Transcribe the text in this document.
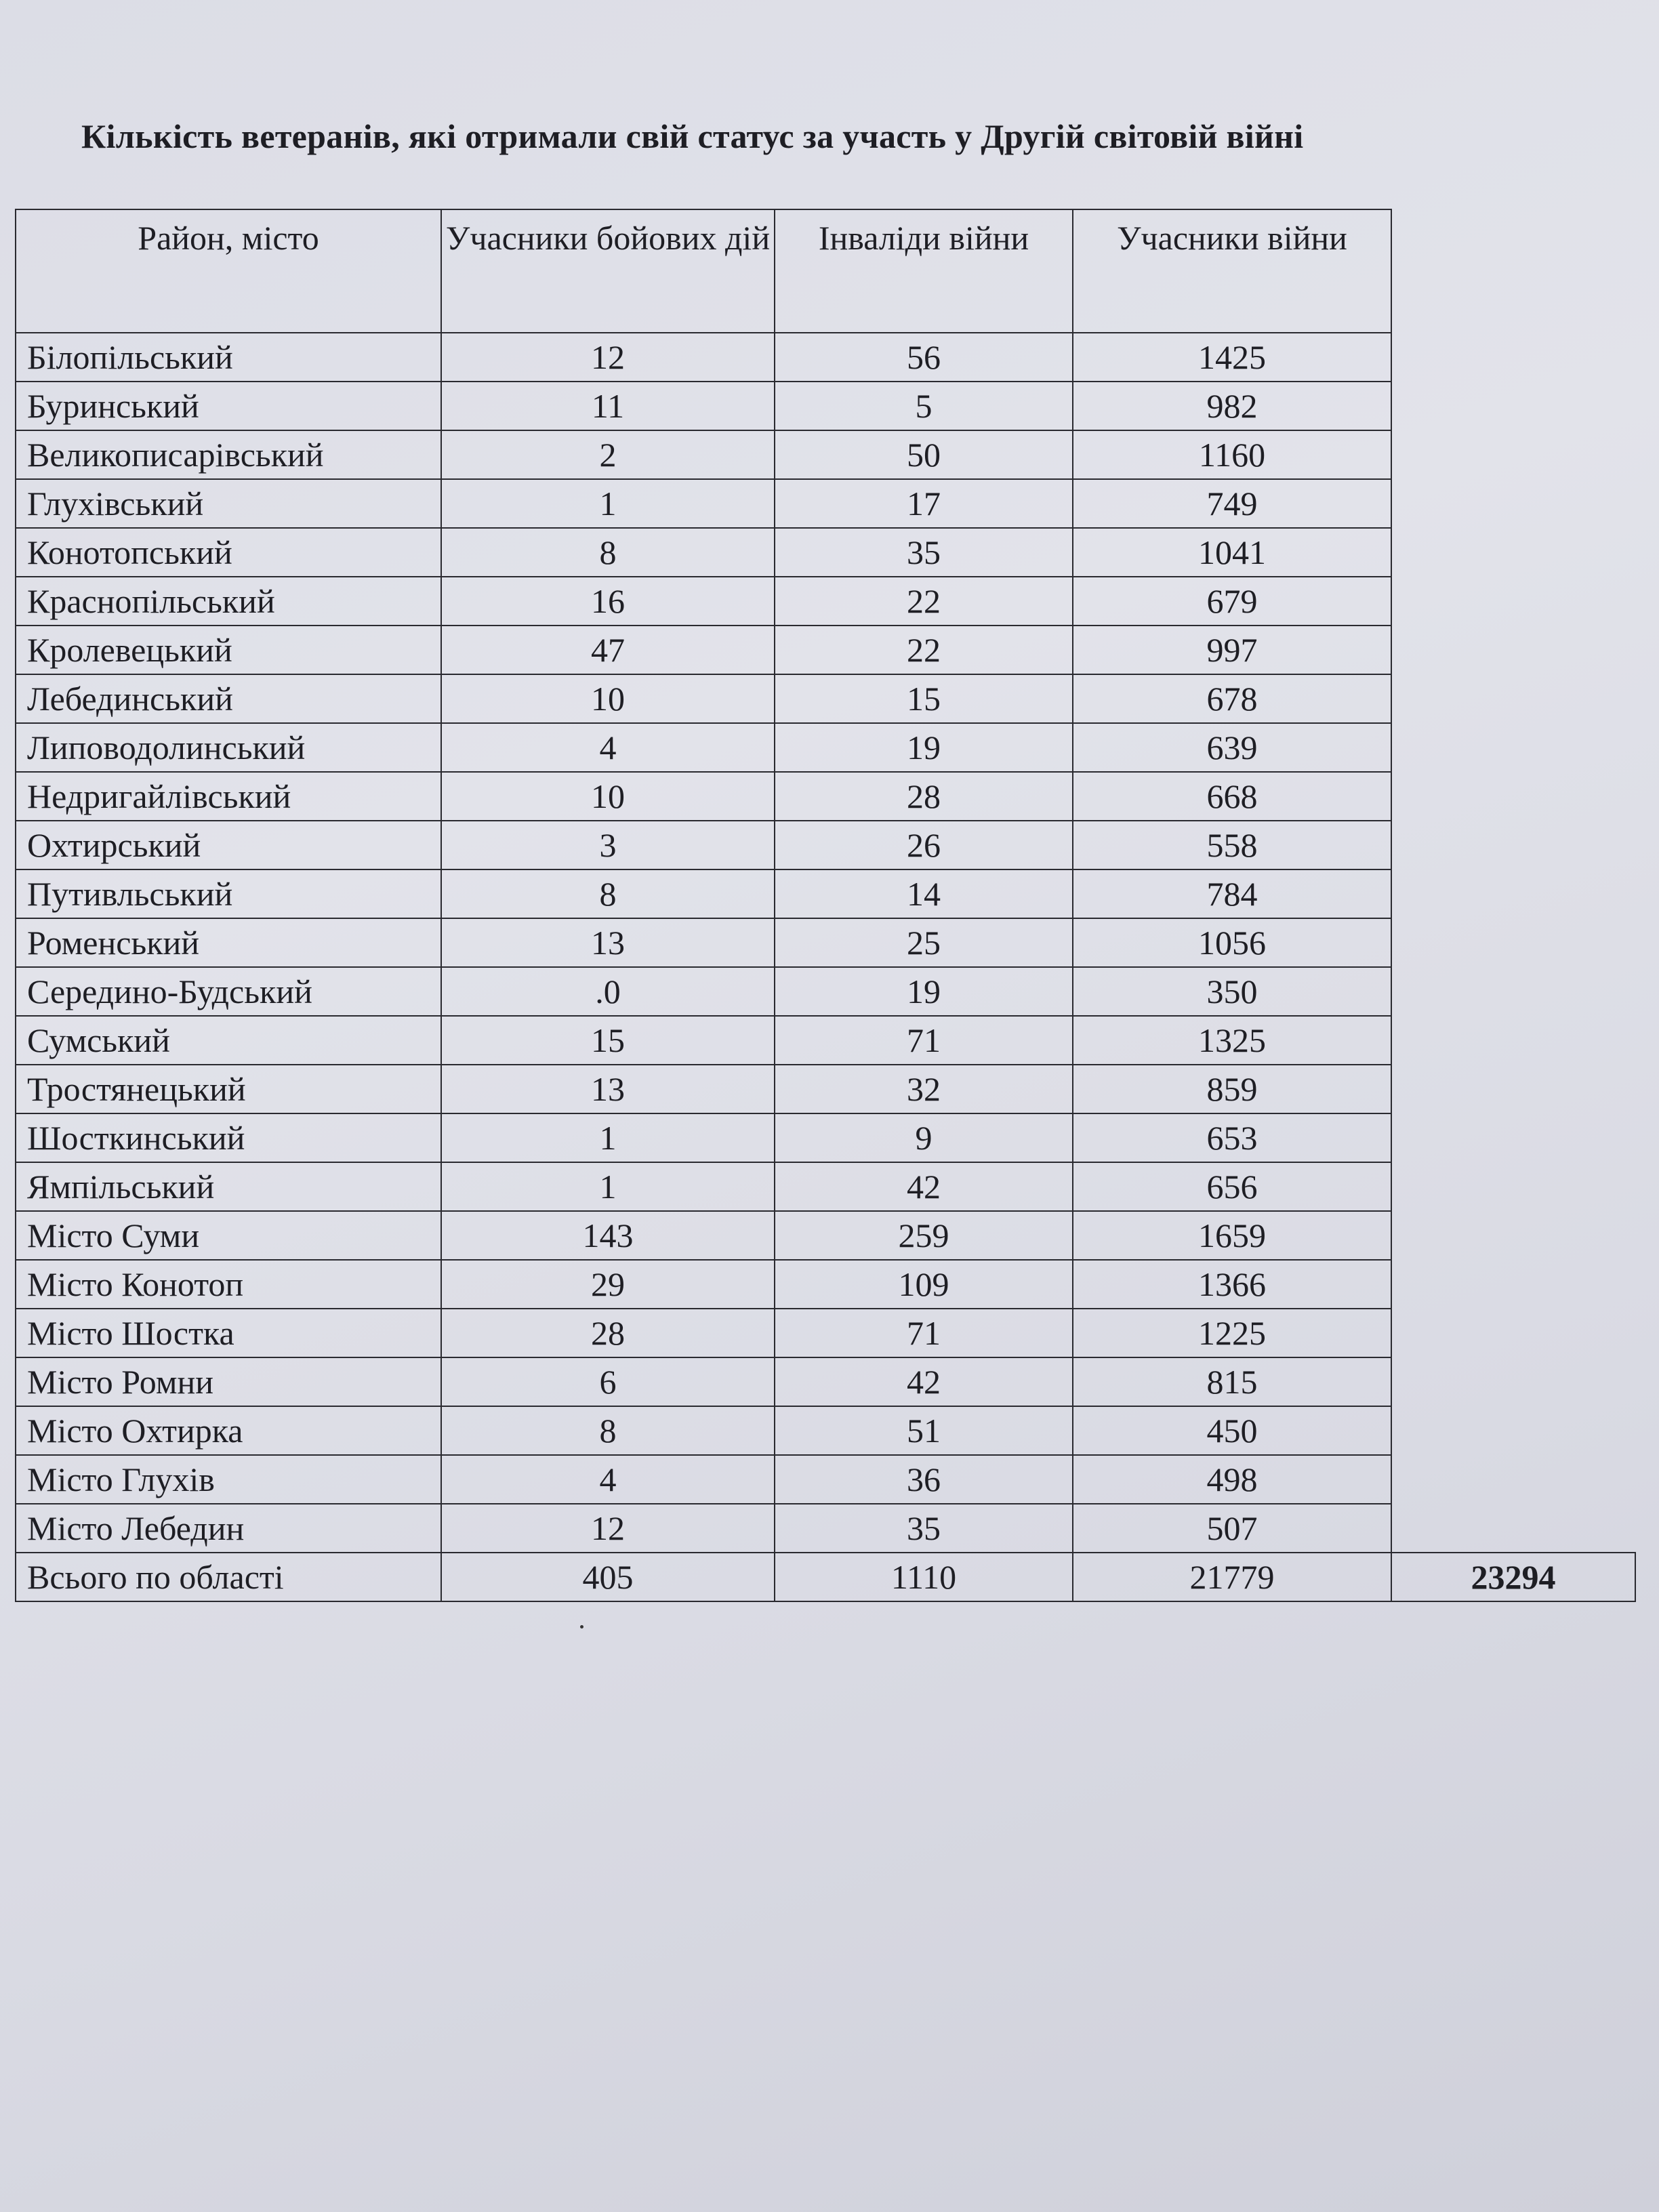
Кількість ветеранів, які отримали свій статус за участь у Другій світовій війні
Район, місто	Учасники бойових дій	Інваліди війни	Учасники війни	
Білопільський	12	56	1425	
Буринський	11	5	982	
Великописарівський	2	50	1160	
Глухівський	1	17	749	
Конотопський	8	35	1041	
Краснопільський	16	22	679	
Кролевецький	47	22	997	
Лебединський	10	15	678	
Липоводолинський	4	19	639	
Недригайлівський	10	28	668	
Охтирський	3	26	558	
Путивльський	8	14	784	
Роменський	13	25	1056	
Середино-Будський	.0	19	350	
Сумський	15	71	1325	
Тростянецький	13	32	859	
Шосткинський	1	9	653	
Ямпільський	1	42	656	
Місто Суми	143	259	1659	
Місто Конотоп	29	109	1366	
Місто Шостка	28	71	1225	
Місто Ромни	6	42	815	
Місто Охтирка	8	51	450	
Місто Глухів	4	36	498	
Місто Лебедин	12	35	507	
Всього по області	405	1110	21779	23294
